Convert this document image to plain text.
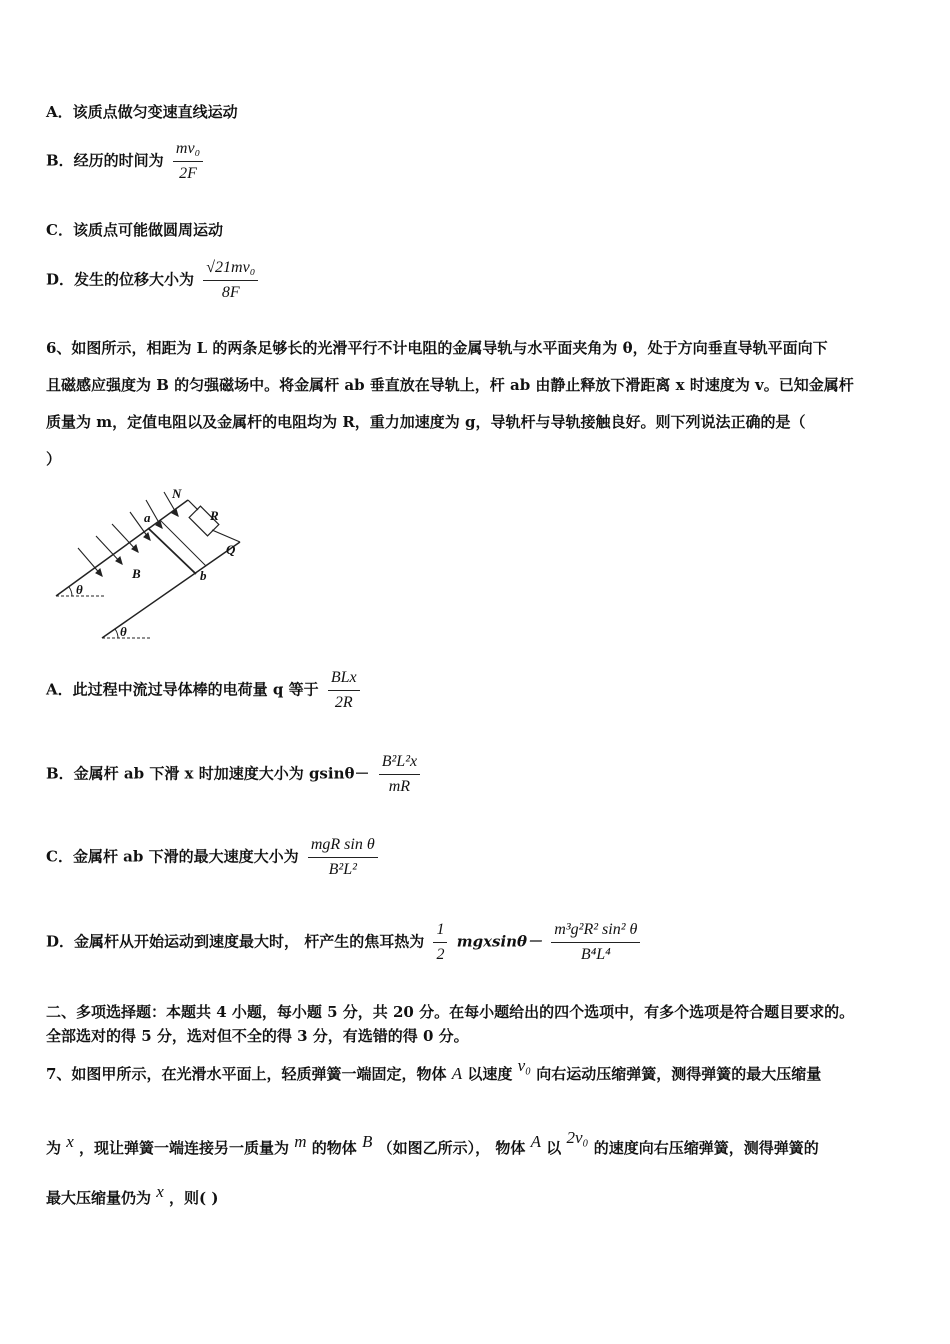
A．该质点做匀变速直线运动
B．经历的时间为 $\frac{\text{mv₀}}{2F}$
C．该质点可能做圆周运动
D．发生的位移大小为 $\frac{\text{√21mv₀}}{8F}$
6、如图所示，相距为 L 的两条足够长的光滑平行不计电阻的金属导轨与水平面夹角为 θ，处于方向垂直导轨平面向下
且磁感应强度为 B 的匀强磁场中。将金属杆 ab 垂直放在导轨上，杆 ab 由静止释放下滑距离 x 时速度为 v。已知金属杆
质量为 m，定值电阻以及金属杆的电阻均为 R，重力加速度为 g，导轨杆与导轨接触良好。则下列说法正确的是（
）
N
a	R
Q
B	b
θ
θ
A．此过程中流过导体棒的电荷量 q 等于 $\frac{\text{BLx}}{2R}$
B．金属杆 ab 下滑 x 时加速度大小为 $gsin\theta- \frac{\text{B²L²x}}{mR}$
C．金属杆 ab 下滑的最大速度大小为 $\frac{\text{mgR sin θ}}{\text{B²L²}}$
D．金属杆从开始运动到速度最大时， 杆产生的焦耳热为 $\frac{1}{2} mgxsin\theta- \frac{\text{m³g²R² sin² θ}}{\text{B⁴L⁴}}$
二、多项选择题：本题共 4 小题，每小题 5 分，共 20 分。在每小题给出的四个选项中，有多个选项是符合题目要求的。
全部选对的得 5 分，选对但不全的得 3 分，有选错的得 0 分。
7、如图甲所示，在光滑水平面上，轻质弹簧一端固定，物体 A 以速度 v₀ 向右运动压缩弹簧，测得弹簧的最大压缩量
为 x ，现让弹簧一端连接另一质量为 m 的物体 B （如图乙所示）， 物体 A 以 2v₀ 的速度向右压缩弹簧，测得弹簧的
最大压缩量仍为 x ，则( )
